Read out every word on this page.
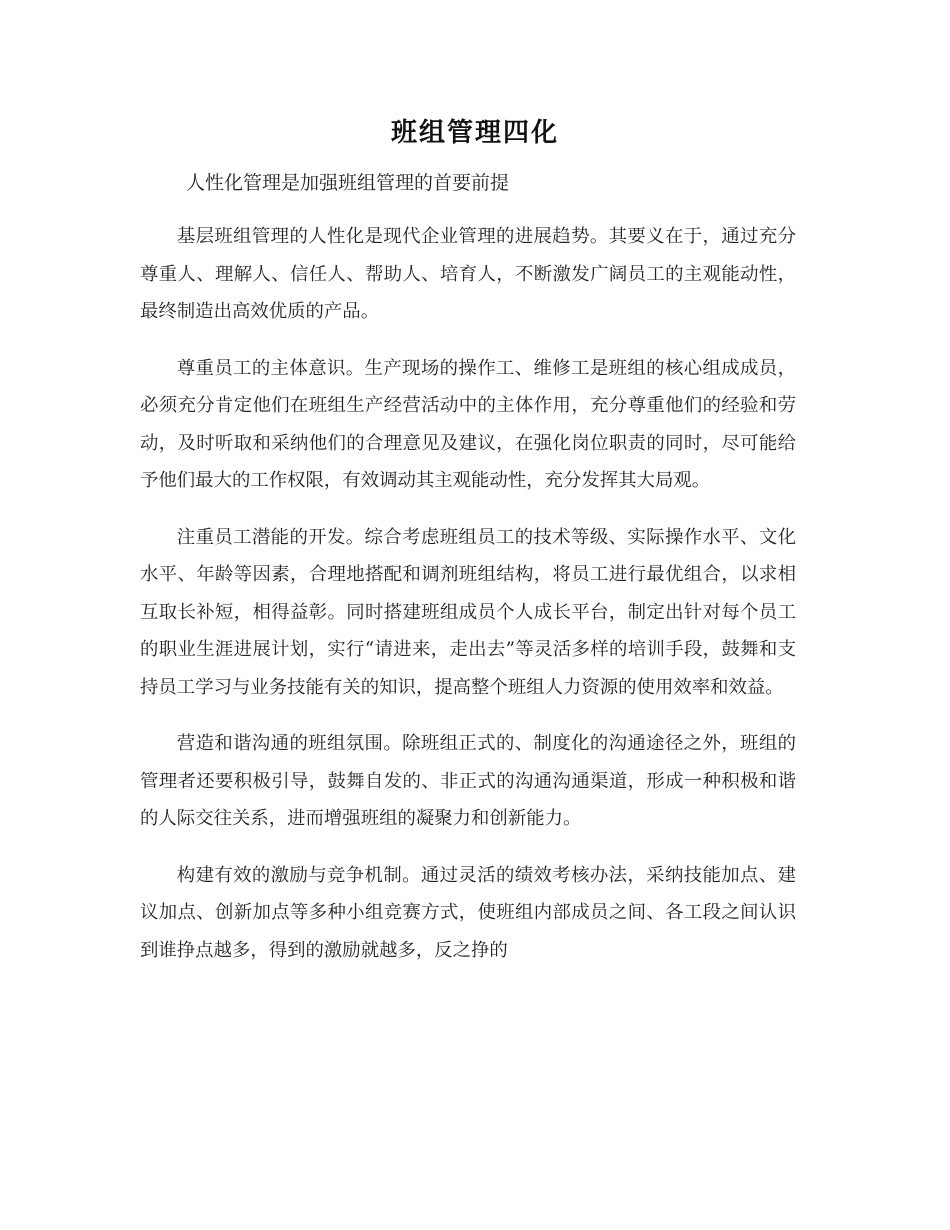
班组管理四化

人性化管理是加强班组管理的首要前提

基层班组管理的人性化是现代企业管理的进展趋势。其要义在于，通过充分尊重人、理解人、信任人、帮助人、培育人，不断激发广阔员工的主观能动性，最终制造出高效优质的产品。

尊重员工的主体意识。生产现场的操作工、维修工是班组的核心组成成员，必须充分肯定他们在班组生产经营活动中的主体作用，充分尊重他们的经验和劳动，及时听取和采纳他们的合理意见及建议，在强化岗位职责的同时，尽可能给予他们最大的工作权限，有效调动其主观能动性，充分发挥其大局观。

注重员工潜能的开发。综合考虑班组员工的技术等级、实际操作水平、文化水平、年龄等因素，合理地搭配和调剂班组结构，将员工进行最优组合，以求相互取长补短，相得益彰。同时搭建班组成员个人成长平台，制定出针对每个员工的职业生涯进展计划，实行“请进来，走出去”等灵活多样的培训手段，鼓舞和支持员工学习与业务技能有关的知识，提高整个班组人力资源的使用效率和效益。

营造和谐沟通的班组氛围。除班组正式的、制度化的沟通途径之外，班组的管理者还要积极引导，鼓舞自发的、非正式的沟通沟通渠道，形成一种积极和谐的人际交往关系，进而增强班组的凝聚力和创新能力。

构建有效的激励与竞争机制。通过灵活的绩效考核办法，采纳技能加点、建议加点、创新加点等多种小组竞赛方式，使班组内部成员之间、各工段之间认识到谁挣点越多，得到的激励就越多，反之挣的
